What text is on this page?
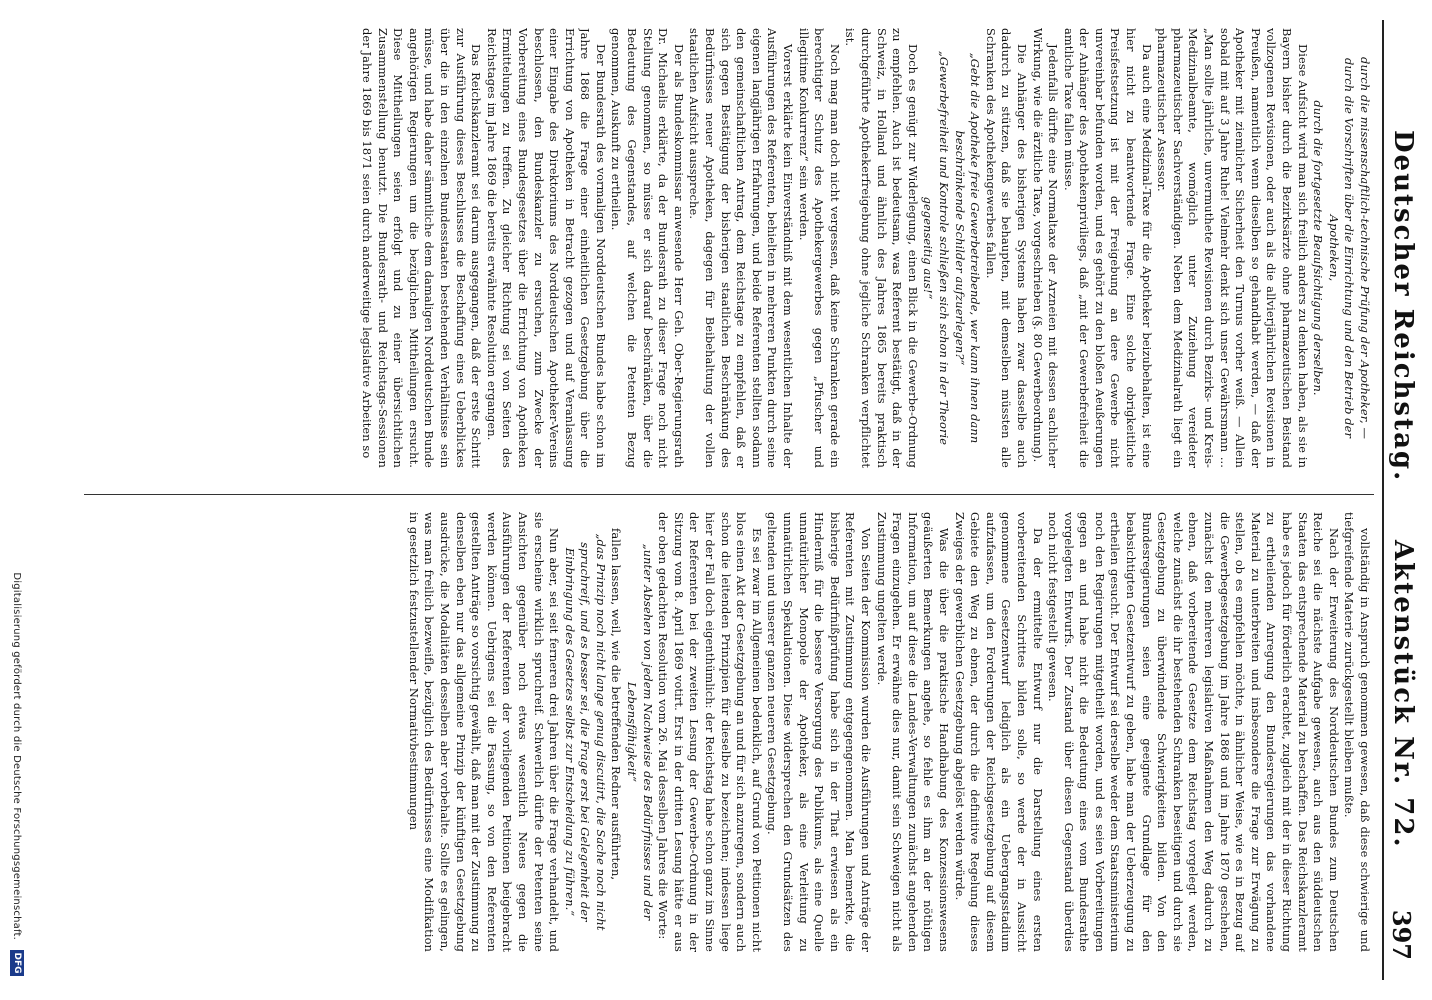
Deutscher Reichstag.
Aktenstück Nr. 72.
397

durch die missenschaftlich-technische Prüfung der Apotheker, —

durch die Vorschriften über die Einrichtung und den Betrieb der Apotheken,

durch die fortgesetzte Beaufsichtigung derselben.

Diese Aufsicht wird man sich freilich anders zu denken haben, als sie in Bayern bisher durch die Bezirksärzte ohne pharmazeutischen Beistand vollzogenen Revisionen, oder auch als die allvierjährlichen Revisionen in Preußen, namentlich wenn dieselben so gehandhabt werden, — daß der Apotheker mit ziemlicher Sicherheit den Turnus vorher weiß. — Allein sobald mit auf 3 Jahre Ruhe! Vielmehr denkt sich unser Gewährsmann ... „Man sollte jährliche, unvermuthete Revisionen durch Bezirks- und Kreis-Medizinalbeamte, womöglich unter Zuziehung vereideter pharmazeutischer Sachverständigen. Neben dem Medizinalrath liegt ein pharmazeutischer Assessor.

Da auch eine Medizinal-Taxe für die Apotheker beizubehalten, ist eine hier nicht zu beantwortende Frage. Eine solche obrigkeitliche Preisfestsetzung ist mit der Freigebung an dere Gewerbe nicht unvereinbar befunden worden, und es gehört zu den bloßen Aeußerungen der Anhänger des Apothekenpriviliegs, daß „mit der Gewerbefreiheit die amtliche Taxe fallen müsse.

Jedenfalls dürfte eine Normaltaxe der Arzneien mit dessen sachlicher Wirkung, wie die ärztliche Taxe, vorgeschrieben (§. 80 Gewerbeordnung).

Die Anhänger des bisherigen Systems haben zwar dasselbe auch dadurch zu stützen, daß sie behaupten, mit demselben müssten alle Schranken des Apothekengewerbes fallen.

„Gebt die Apotheke freie Gewerbetreibende, wer kann ihnen dann beschränkende Schilder aufzuerlegen?“

„Gewerbefreiheit und Kontrole schließen sich schon in der Theorie gegenseitig aus!“

Doch es genügt zur Widerlegung, einen Blick in die Gewerbe-Ordnung zu empfehlen. Auch ist bedeutsam, was Referent bestätigt, daß in der Schweiz, in Holland und ähnlich des Jahres 1865 bereits praktisch durchgeführte Apothekerfreigebung ohne jegliche Schranken verpflichtet ist.

Noch mag man doch nicht vergessen, daß keine Schranken gerade ein berechtigter Schutz des Apothekergewerbes gegen „Pfuscher und illegitime Konkurrenz“ sein werden.

Vorerst erklärte kein Einverständniß mit dem wesentlichen Inhalte der Ausführungen des Referenten, behielten in mehreren Punkten durch seine eigenen langjährigen Erfahrungen, und beide Referenten stellten sodann den gemeinschaftlichen Antrag, dem Reichstage zu empfehlen, daß er sich gegen Bestätigung der bisherigen staatlichen Beschränkung des Bedürfnisses neuer Apotheken, dagegen für Beibehaltung der vollen staatlichen Aufsicht ausspreche.

Der als Bundeskommissar anwesende Herr Geh. Ober-Regierungsrath Dr. Michaelis erklärte, da der Bundesrath zu dieser Frage noch nicht Stellung genommen, so müsse er sich darauf beschränken, über die Bedeutung des Gegenstandes, auf welchen die Petenten Bezug genommen, Auskunft zu ertheilen.

Der Bundesrath des vormaligen Norddeutschen Bundes habe schon im Jahre 1868 die Frage einer einheitlichen Gesetzgebung über die Errichtung von Apotheken in Betracht gezogen und auf Veranlassung einer Eingabe des Direktoriums des Norddeutschen Apotheker-Vereins beschlossen, den Bundeskanzler zu ersuchen, zum Zwecke der Vorbereitung eines Bundesgesetzes über die Errichtung von Apotheken Ermittelungen zu treffen. Zu gleicher Richtung sei von Seiten des Reichstages im Jahre 1869 die bereits erwähnte Resolution ergangen.

Das Reichskanzleramt sei darum ausgegangen, daß der erste Schritt zur Ausführung dieses Beschlusses die Beschaffung eines Ueberblickes über die in den einzelnen Bundesstaaten bestehenden Verhältnisse sein müsse, und habe daher sämmtliche dem damaligen Norddeutschen Bunde angehörigen Regierungen um die bezüglichen Mittheilungen ersucht. Diese Mittheilungen seien erfolgt und zu einer übersichtlichen Zusammenstellung benutzt. Die Bundesrath- und Reichstags-Sessionen der Jahre 1869 bis 1871 seien durch anderweitige legislative Arbeiten so

vollständig in Anspruch genommen gewesen, daß diese schwierige und tiefgreifende Materie zurückgestellt bleiben mußte.

Nach der Erweiterung des Norddeutschen Bundes zum Deutschen Reiche sei die nächste Aufgabe gewesen, auch aus den süddeutschen Staaten das entsprechende Material zu beschaffen. Das Reichskanzleramt habe es jedoch für förderlich erachtet, zugleich mit der in dieser Richtung zu ertheilenden Anregung den Bundesregierungen das vorhandene Material zu unterbreiten und insbesondere die Frage zur Erwägung zu stellen, ob es empfehlen möchte, in ähnlicher Weise, wie es in Bezug auf die Gewerbegesetzgebung im Jahre 1868 und im Jahre 1870 geschehen, zunächst den mehreren legislativen Maßnahmen den Weg dadurch zu ebnen, daß vorbereitende Gesetze dem Reichstag vorgelegt werden, welche zunächst die ihr bestehenden Schranken beseitigen und durch sie Gesetzgebung zu überwindende Schwierigkeiten bilden. Von den Bundesregierungen seien eine geeignete Grundlage für den beabsichtigten Gesetzentwurf zu geben, habe man der Ueberzeugung zu ertheilen gesucht. Der Entwurf sei derselbe weder dem Staatsministerium noch den Regierungen mitgetheilt worden, und es seien Vorbereitungen gegen an und habe nicht die Bedeutung eines vom Bundesrathe vorgelegten Entwurfs. Der Zustand über diesen Gegenstand überdies noch nicht festgestellt gewesen.

Da der ermittelte Entwurf nur die Darstellung eines ersten vorbereitenden Schrittes bilden solle, so werde der in Aussicht genommene Gesetzentwurf lediglich als ein Uebergangsstadium aufzufassen, um den Forderungen der Reichsgesetzgebung auf diesem Gebiete den Weg zu ebnen, der durch die definitive Regelung dieses Zweiges der gewerblichen Gesetzgebung abgelöst werden würde.

Was die über die praktische Handhabung des Konzessionswesens geäußerten Bemerkungen angehe, so fehle es ihm an der nöthigen Information, um auf diese die Landes-Verwaltungen zunächst angehenden Fragen einzugehen. Er erwähne dies nur, damit sein Schweigen nicht als Zustimmung ungelten werde.

Von Seiten der Kommission wurden die Ausführungen und Anträge der Referenten mit Zustimmung entgegengenommen. Man bemerkte, die bisherige Bedürfnißprüfung habe sich in der That erwiesen als ein Hinderniß für die bessere Versorgung des Publikums, als eine Quelle unnatürlicher Monopole der Apotheker, als eine Verleitung zu unnatürlichen Spekulationen. Diese widersprechen den Grundsätzen des geltenden und unserer ganzen neueren Gesetzgebung.

Es sei zwar im Allgemeinen bedenklich, auf Grund von Petitionen nicht blos einen Akt der Gesetzgebung an und für sich anzuregen, sondern auch schon die leitenden Prinzipien für dieselbe zu bezeichnen; indessen liege hier der Fall doch eigenthümlich: der Reichstag habe schon ganz im Sinne der Referenten bei der zweiten Lesung der Gewerbe-Ordnung in der Sitzung vom 8. April 1869 votirt. Erst in der dritten Lesung hätte er aus der oben gedachten Resolution vom 26. Mai desselben Jahres die Worte:

„unter Absehen von jedem Nachweise des Bedürfnisses und der Lebensfähigkeit“

fallen lassen, weil, wie die betreffenden Redner ausführten,

„das Prinzip noch nicht lange genug discutirt, die Sache noch nicht spruchreif, und es besser sei, die Frage erst bei Gelegenheit der Einbringung des Gesetzes selbst zur Entscheidung zu führen.“

Nun aber, sei seit ferneren drei Jahren über die Frage verhandelt, und sie erscheine wirklich spruchreif. Schwerlich dürfte der Petenten seine Ansichten gegenüber noch etwas wesentlich Neues gegen die Ausführungen der Referenten der vorliegenden Petitionen beigebracht werden können. Uebrigens sei die Fassung, so von den Referenten gestellten Anträge so vorsichtig gewählt, daß man mit der Zustimmung zu denselben eben nur das allgemeine Prinzip der künftigen Gesetzgebung ausdrücke, die Modalitäten desselben aber vorbehalte. Sollte es gelingen, was man freilich bezweifle, bezüglich des Bedürfnisses eine Modifikation in gesetzlich festzustellender Normativbestimmungen

Digitalisierung gefördert durch die Deutsche Forschungsgemeinschaft.
DFG
